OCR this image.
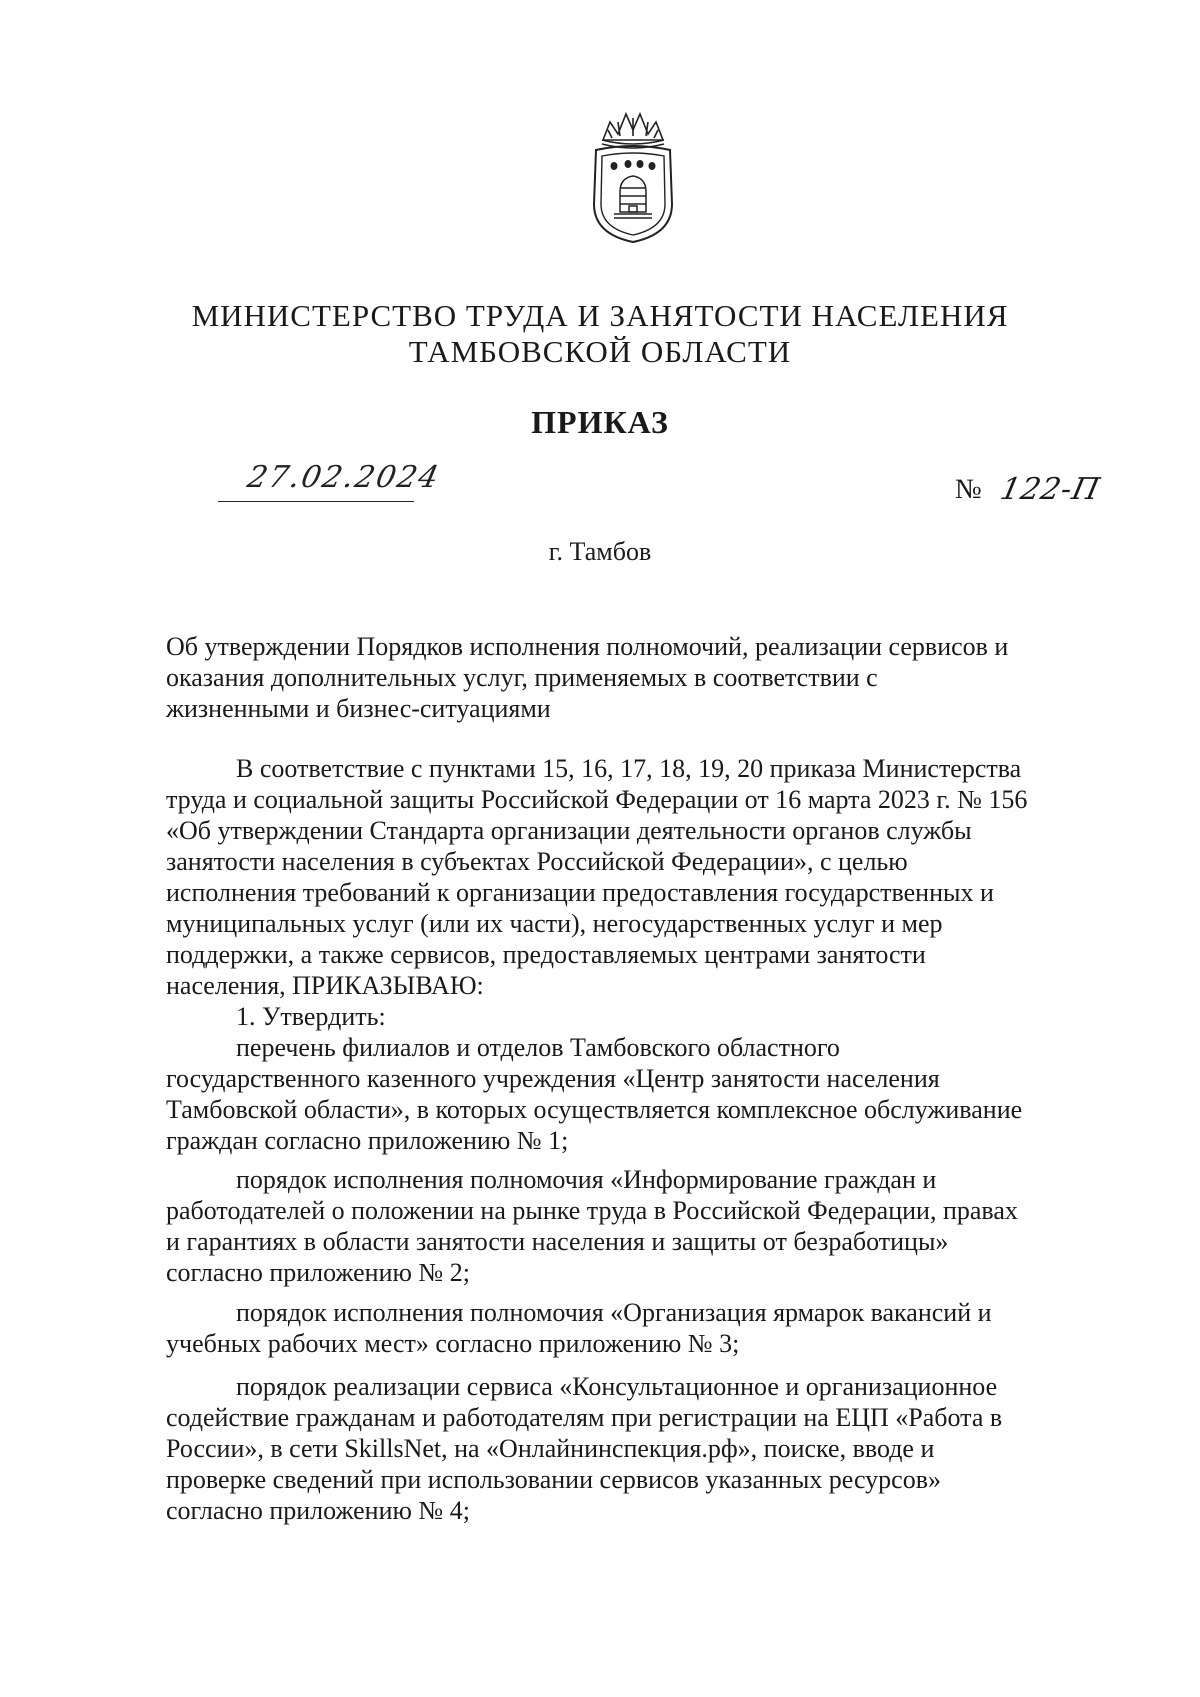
МИНИСТЕРСТВО ТРУДА И ЗАНЯТОСТИ НАСЕЛЕНИЯ
ТАМБОВСКОЙ ОБЛАСТИ
ПРИКАЗ
27.02.2024	№ 122-П
г. Тамбов
Об утверждении Порядков исполнения полномочий, реализации сервисов и
оказания дополнительных услуг, применяемых в соответствии с
жизненными и бизнес-ситуациями
В соответствие с пунктами 15, 16, 17, 18, 19, 20 приказа Министерства
труда и социальной защиты Российской Федерации от 16 марта 2023 г. № 156
«Об утверждении Стандарта организации деятельности органов службы
занятости населения в субъектах Российской Федерации», с целью
исполнения требований к организации предоставления государственных и
муниципальных услуг (или их части), негосударственных услуг и мер
поддержки, а также сервисов, предоставляемых центрами занятости
населения, ПРИКАЗЫВАЮ:
1. Утвердить:
перечень филиалов и отделов Тамбовского областного
государственного казенного учреждения «Центр занятости населения
Тамбовской области», в которых осуществляется комплексное обслуживание
граждан согласно приложению № 1;
порядок исполнения полномочия «Информирование граждан и
работодателей о положении на рынке труда в Российской Федерации, правах
и гарантиях в области занятости населения и защиты от безработицы»
согласно приложению № 2;
порядок исполнения полномочия «Организация ярмарок вакансий и
учебных рабочих мест» согласно приложению № 3;
порядок реализации сервиса «Консультационное и организационное
содействие гражданам и работодателям при регистрации на ЕЦП «Работа в
России», в сети SkillsNet, на «Онлайнинспекция.рф», поиске, вводе и
проверке сведений при использовании сервисов указанных ресурсов»
согласно приложению № 4;
